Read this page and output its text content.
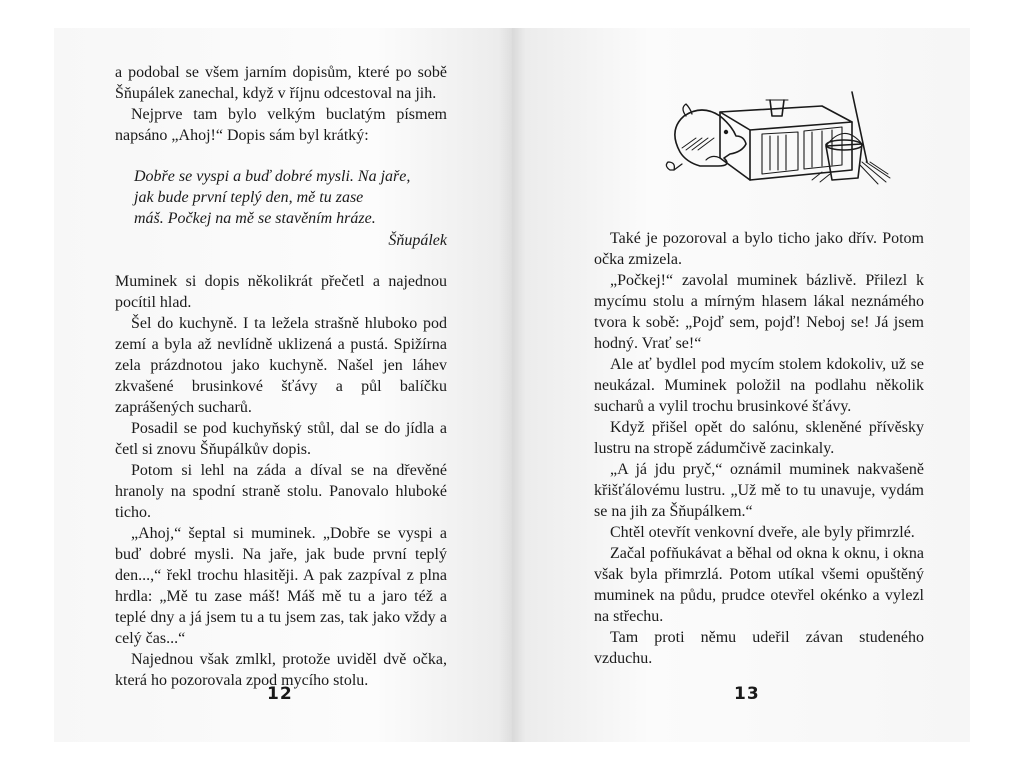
a podobal se všem jarním dopisům, které po sobě Šňupálek zanechal, když v říjnu odcestoval na jih.

Nejprve tam bylo velkým buclatým písmem napsáno „Ahoj!“ Dopis sám byl krátký:

Dobře se vyspi a buď dobré mysli. Na jaře,
jak bude první teplý den, mě tu zase
máš. Počkej na mě se stavěním hráze.
Šňupálek

Muminek si dopis několikrát přečetl a najednou pocítil hlad.

Šel do kuchyně. I ta ležela strašně hluboko pod zemí a byla až nevlídně uklizená a pustá. Spižírna zela prázdnotou jako kuchyně. Našel jen láhev zkvašené brusinkové šťávy a půl balíčku zaprášených sucharů.

Posadil se pod kuchyňský stůl, dal se do jídla a četl si znovu Šňupálkův dopis.

Potom si lehl na záda a díval se na dřevěné hranoly na spodní straně stolu. Panovalo hluboké ticho.

„Ahoj,“ šeptal si muminek. „Dobře se vyspi a buď dobré mysli. Na jaře, jak bude první teplý den...,“ řekl trochu hlasitěji. A pak zazpíval z plna hrdla: „Mě tu zase máš! Máš mě tu a jaro též a teplé dny a já jsem tu a tu jsem zas, tak jako vždy a celý čas...“

Najednou však zmlkl, protože uviděl dvě očka, která ho pozorovala zpod mycího stolu.

12

Také je pozoroval a bylo ticho jako dřív. Potom očka zmizela.

„Počkej!“ zavolal muminek bázlivě. Přilezl k mycímu stolu a mírným hlasem lákal neznámého tvora k sobě: „Pojď sem, pojď! Neboj se! Já jsem hodný. Vrať se!“

Ale ať bydlel pod mycím stolem kdokoliv, už se neukázal. Muminek položil na podlahu několik sucharů a vylil trochu brusinkové šťávy.

Když přišel opět do salónu, skleněné přívěsky lustru na stropě zádumčivě zacinkaly.

„A já jdu pryč,“ oznámil muminek nakvašeně křišťálovému lustru. „Už mě to tu unavuje, vydám se na jih za Šňupálkem.“

Chtěl otevřít venkovní dveře, ale byly přimrzlé.

Začal pofňukávat a běhal od okna k oknu, i okna však byla přimrzlá. Potom utíkal všemi opuštěný muminek na půdu, prudce otevřel okénko a vylezl na střechu.

Tam proti němu udeřil závan studeného vzduchu.

13
